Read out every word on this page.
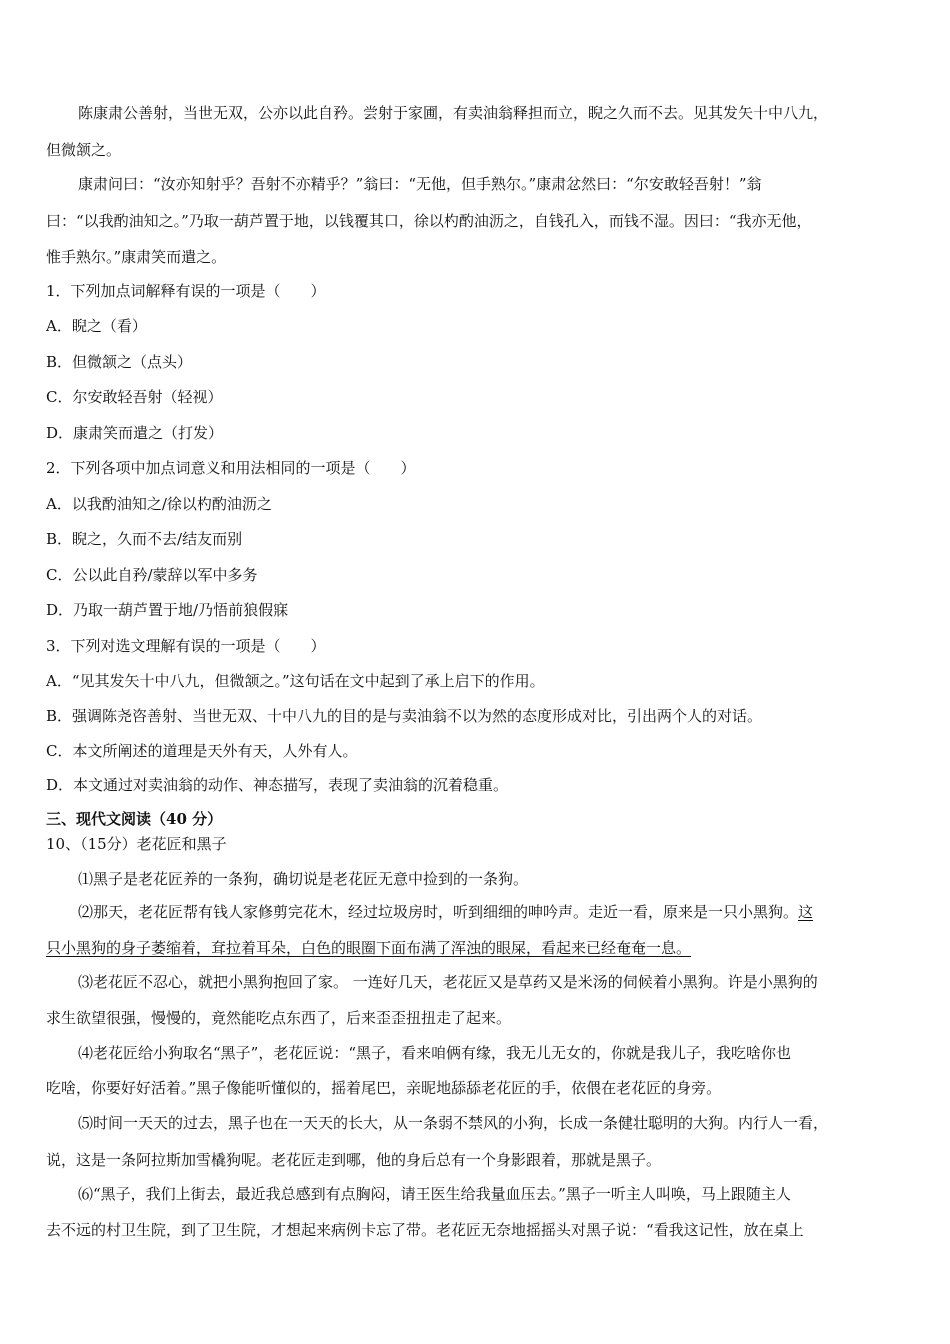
陈康肃公善射，当世无双，公亦以此自矜。尝射于家圃，有卖油翁释担而立，睨之久而不去。见其发矢十中八九，
但微颔之。
康肃问曰：“汝亦知射乎？吾射不亦精乎？”翁曰：“无他，但手熟尔。”康肃忿然曰：“尔安敢轻吾射！”翁
曰：“以我酌油知之。”乃取一葫芦置于地，以钱覆其口，徐以杓酌油沥之，自钱孔入，而钱不湿。因曰：“我亦无他，
惟手熟尔。”康肃笑而遣之。
1．下列加点词解释有误的一项是（　　）
A．睨之（看）
B．但微颔之（点头）
C．尔安敢轻吾射（轻视）
D．康肃笑而遣之（打发）
2．下列各项中加点词意义和用法相同的一项是（　　）
A．以我酌油知之/徐以杓酌油沥之
B．睨之，久而不去/结友而别
C．公以此自矜/蒙辞以军中多务
D．乃取一葫芦置于地/乃悟前狼假寐
3．下列对选文理解有误的一项是（　　）
A．“见其发矢十中八九，但微颔之。”这句话在文中起到了承上启下的作用。
B．强调陈尧咨善射、当世无双、十中八九的目的是与卖油翁不以为然的态度形成对比，引出两个人的对话。
C．本文所阐述的道理是天外有天，人外有人。
D．本文通过对卖油翁的动作、神态描写，表现了卖油翁的沉着稳重。
三、现代文阅读（40 分）
10、（15分）老花匠和黑子
⑴黑子是老花匠养的一条狗，确切说是老花匠无意中捡到的一条狗。
⑵那天，老花匠帮有钱人家修剪完花木，经过垃圾房时，听到细细的呻吟声。走近一看，原来是一只小黑狗。这
只小黑狗的身子萎缩着，耷拉着耳朵，白色的眼圈下面布满了浑浊的眼屎，看起来已经奄奄一息。
⑶老花匠不忍心，就把小黑狗抱回了家。 一连好几天，老花匠又是草药又是米汤的伺候着小黑狗。许是小黑狗的
求生欲望很强，慢慢的，竟然能吃点东西了，后来歪歪扭扭走了起来。
⑷老花匠给小狗取名“黑子”，老花匠说：“黑子，看来咱俩有缘，我无儿无女的，你就是我儿子，我吃啥你也
吃啥，你要好好活着。”黑子像能听懂似的，摇着尾巴，亲昵地舔舔老花匠的手，依偎在老花匠的身旁。
⑸时间一天天的过去，黑子也在一天天的长大，从一条弱不禁风的小狗，长成一条健壮聪明的大狗。内行人一看，
说，这是一条阿拉斯加雪橇狗呢。老花匠走到哪，他的身后总有一个身影跟着，那就是黑子。
⑹“黑子，我们上街去，最近我总感到有点胸闷，请王医生给我量血压去。”黑子一听主人叫唤，马上跟随主人
去不远的村卫生院，到了卫生院，才想起来病例卡忘了带。老花匠无奈地摇摇头对黑子说：“看我这记性，放在桌上
